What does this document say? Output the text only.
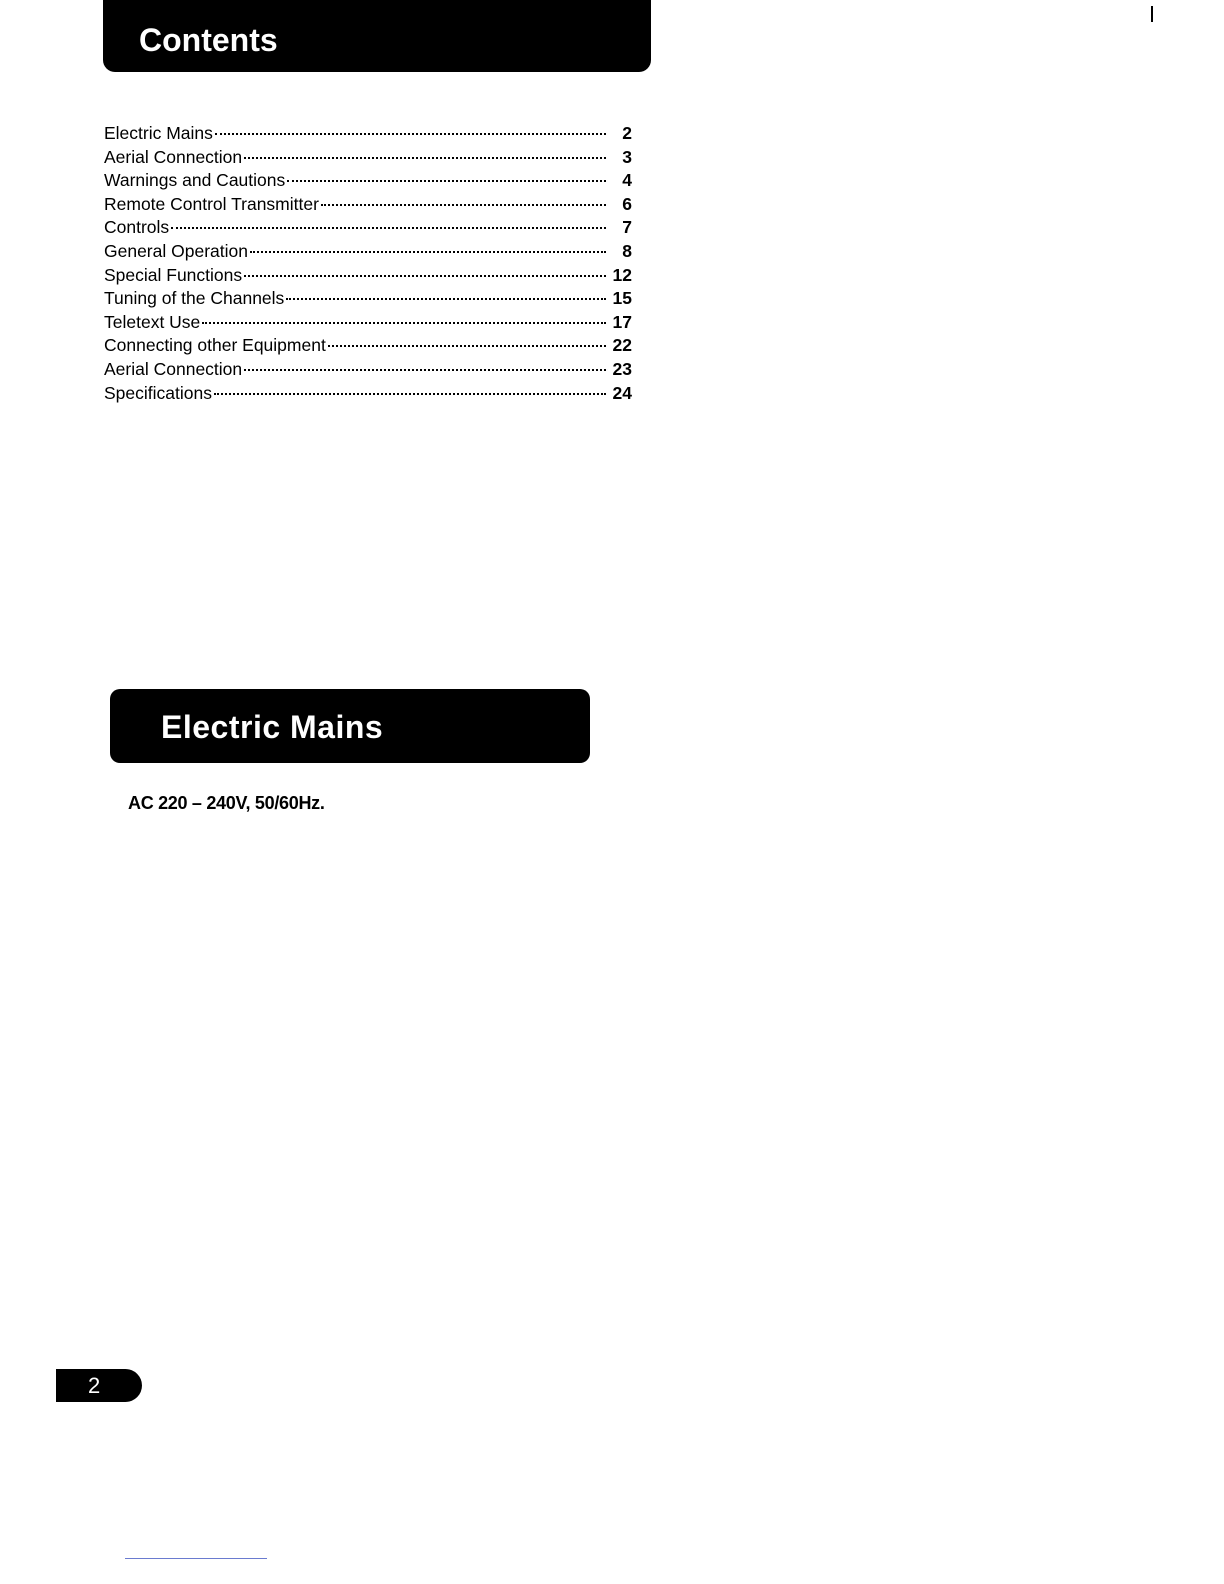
Contents
Electric Mains	2
Aerial Connection	3
Warnings and Cautions	4
Remote Control Transmitter	6
Controls	7
General Operation	8
Special Functions	12
Tuning of the Channels	15
Teletext Use	17
Connecting other Equipment	22
Aerial Connection	23
Specifications	24
Electric Mains
AC 220 – 240V, 50/60Hz.
2
